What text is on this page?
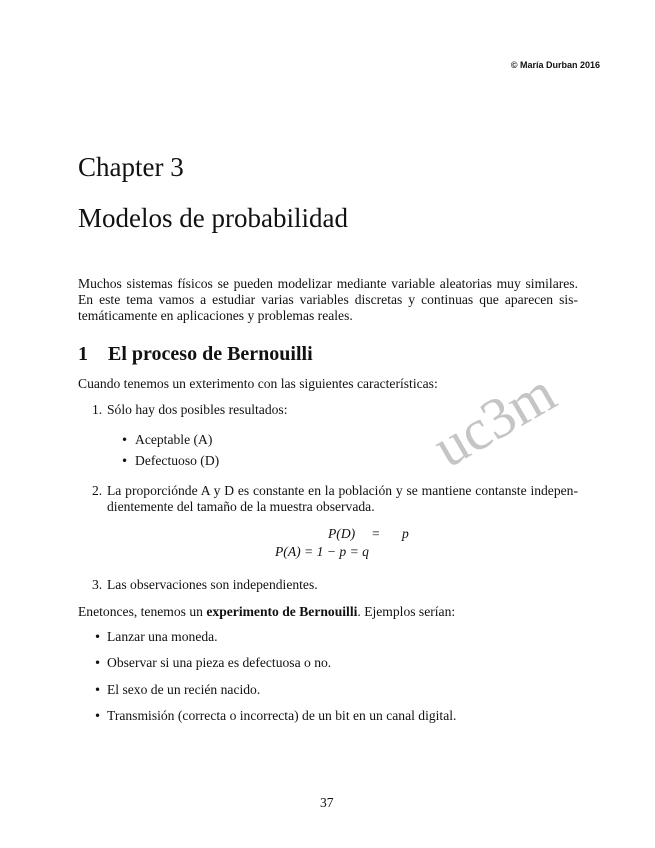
uc3m
© María Durban 2016
Chapter 3
Modelos de probabilidad
Muchos sistemas físicos se pueden modelizar mediante variable aleatorias muy similares.
En este tema vamos a estudiar varias variables discretas y continuas que aparecen sis-
temáticamente en aplicaciones y problemas reales.
1 El proceso de Bernouilli
Cuando tenemos un exterimento con las siguientes características:
1. Sólo hay dos posibles resultados:
• Aceptable (A)
• Defectuoso (D)
2. La proporciónde A y D es constante en la población y se mantiene contanste indepen-
dientemente del tamaño de la muestra observada.
P(D) = p
P(A) = 1 − p = q
3. Las observaciones son independientes.
Enetonces, tenemos un experimento de Bernouilli. Ejemplos serían:
• Lanzar una moneda.
• Observar si una pieza es defectuosa o no.
• El sexo de un recién nacido.
• Transmisión (correcta o incorrecta) de un bit en un canal digital.
37
